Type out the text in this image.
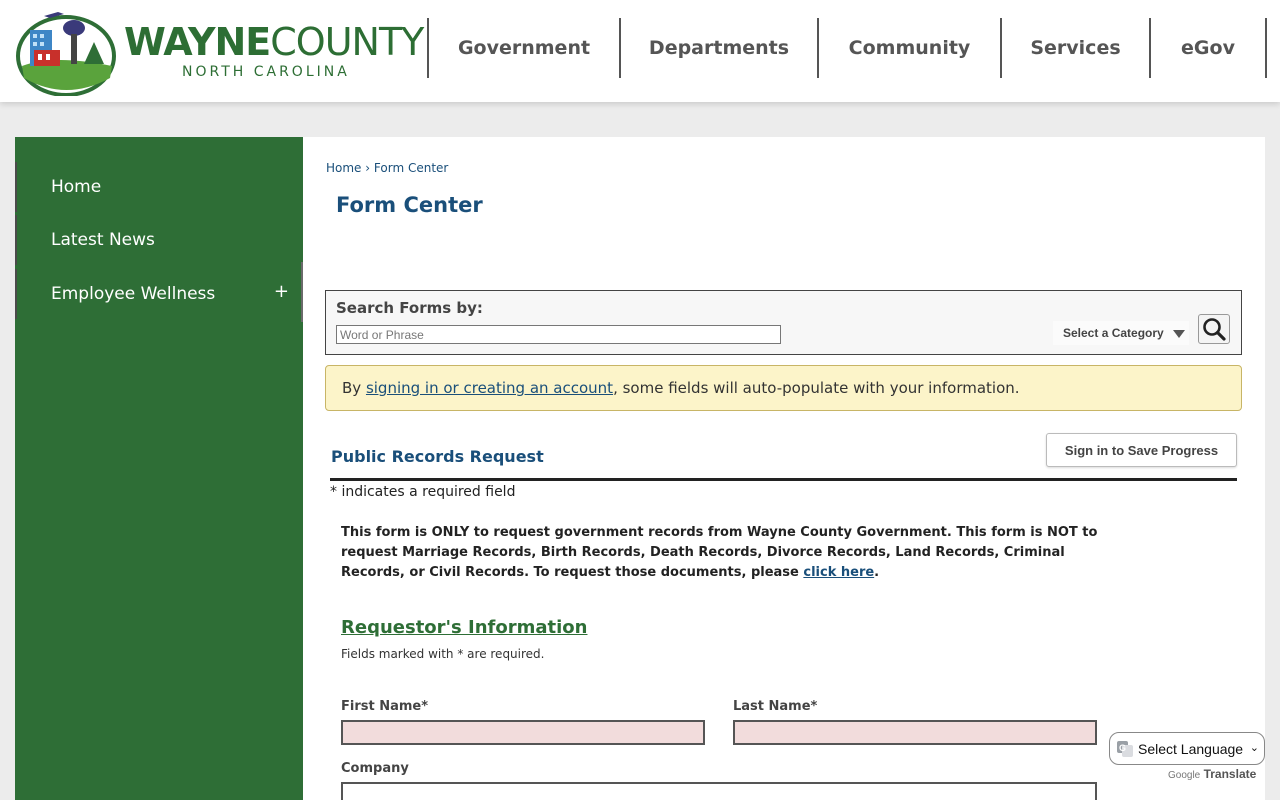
WAYNECOUNTY
NORTH CAROLINA
Government	Departments	Community	Services	eGov
Home
Latest News
Employee Wellness	+
Home › Form Center
Form Center
Search Forms by:
Word or Phrase
Select a Category
By
signing in or creating an account , some fields will auto-populate with your information.
Public Records Request	Sign in to Save Progress
* indicates a required field

This form is ONLY to request government records from Wayne County Government. This form is NOT to request Marriage Records, Birth Records, Death Records, Divorce Records, Land Records, Criminal Records, or Civil Records. To request those documents, please click here.

Requestor's Information
Fields marked with * are required.
First Name*	Last Name*
Company
G Select Language ⌄
Google Translate
